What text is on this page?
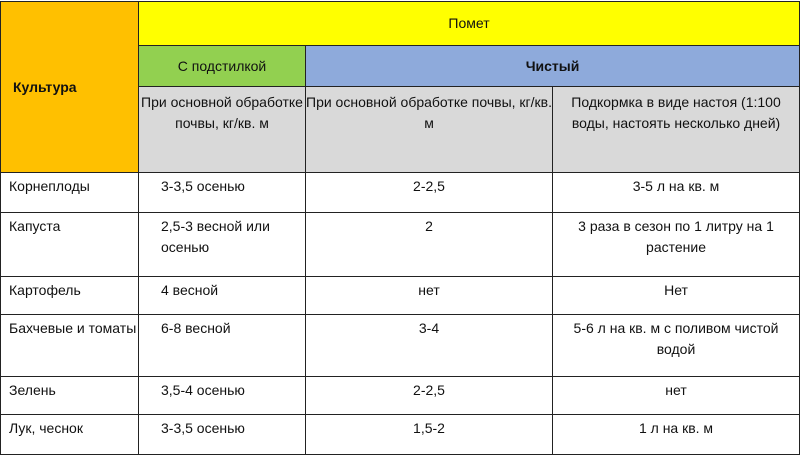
Культура	Помет		
	С подстилкой	Чистый	
	При основной обработке почвы, кг/кв. м	При основной обработке почвы, кг/кв. м	Подкормка в виде настоя (1:100 воды, настоять несколько дней)
Корнеплоды	3-3,5 осенью	2-2,5	3-5 л на кв. м
Капуста	2,5-3 весной или осенью	2	3 раза в сезон по 1 литру на 1 растение
Картофель	4 весной	нет	Нет
Бахчевые и томаты	6-8 весной	3-4	5-6 л на кв. м с поливом чистой водой
Зелень	3,5-4 осенью	2-2,5	нет
Лук, чеснок	3-3,5 осенью	1,5-2	1 л на кв. м
